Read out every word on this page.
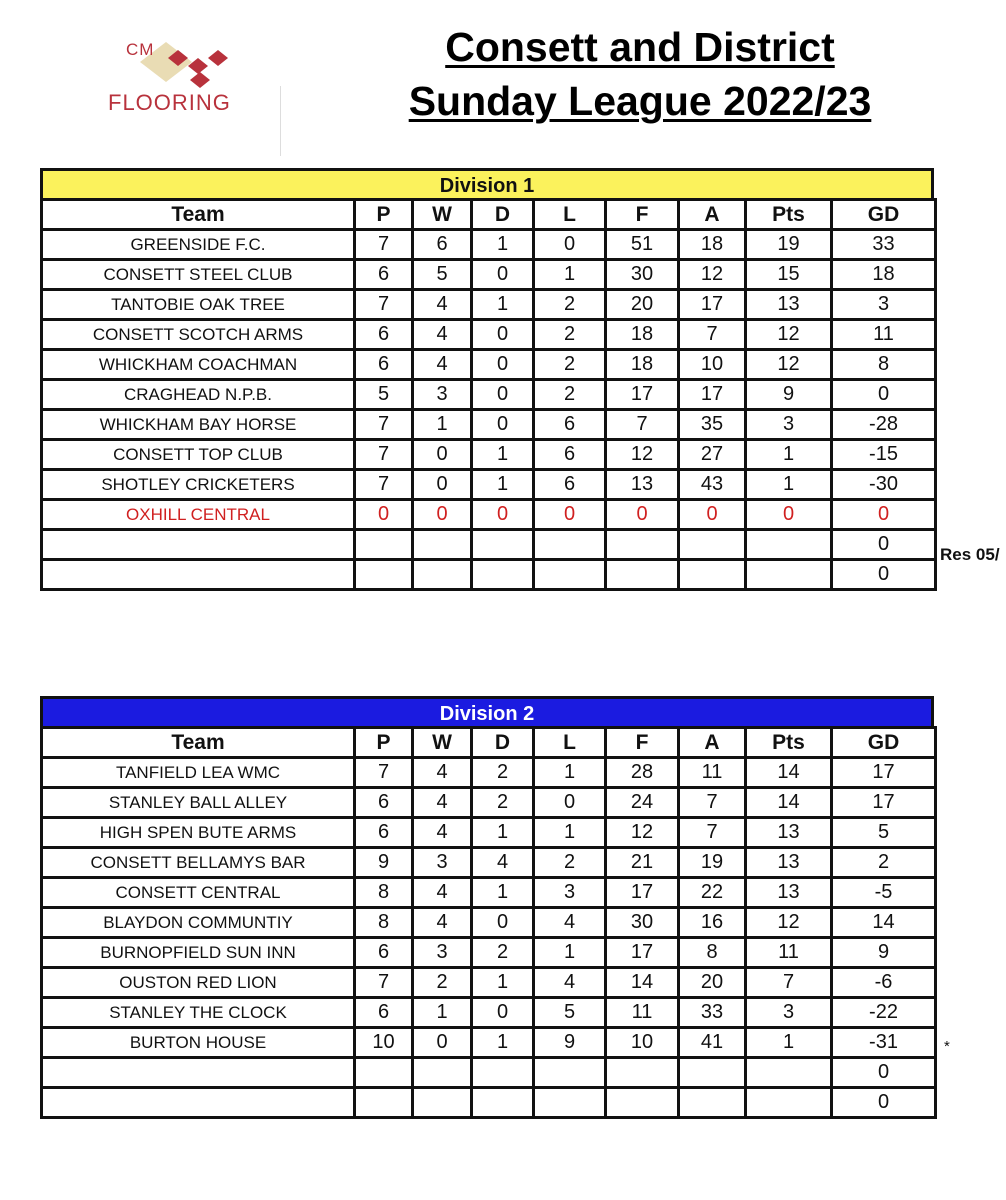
CM
FLOORING
Consett and District
Sunday League 2022/23
Division 1
Team	P	W	D	L	F	A	Pts	GD
GREENSIDE F.C.	7	6	1	0	51	18	19	33
CONSETT STEEL CLUB	6	5	0	1	30	12	15	18
TANTOBIE OAK TREE	7	4	1	2	20	17	13	3
CONSETT SCOTCH ARMS	6	4	0	2	18	7	12	11
WHICKHAM COACHMAN	6	4	0	2	18	10	12	8
CRAGHEAD N.P.B.	5	3	0	2	17	17	9	0
WHICKHAM BAY HORSE	7	1	0	6	7	35	3	-28
CONSETT TOP CLUB	7	0	1	6	12	27	1	-15
SHOTLEY CRICKETERS	7	0	1	6	13	43	1	-30
OXHILL CENTRAL	0	0	0	0	0	0	0	0
								0
								0
Res 05/
Division 2
Team	P	W	D	L	F	A	Pts	GD
TANFIELD LEA WMC	7	4	2	1	28	11	14	17
STANLEY BALL ALLEY	6	4	2	0	24	7	14	17
HIGH SPEN BUTE ARMS	6	4	1	1	12	7	13	5
CONSETT BELLAMYS BAR	9	3	4	2	21	19	13	2
CONSETT CENTRAL	8	4	1	3	17	22	13	-5
BLAYDON COMMUNTIY	8	4	0	4	30	16	12	14
BURNOPFIELD SUN INN	6	3	2	1	17	8	11	9
OUSTON RED LION	7	2	1	4	14	20	7	-6
STANLEY THE CLOCK	6	1	0	5	11	33	3	-22
BURTON HOUSE	10	0	1	9	10	41	1	-31
								0
								0
*
